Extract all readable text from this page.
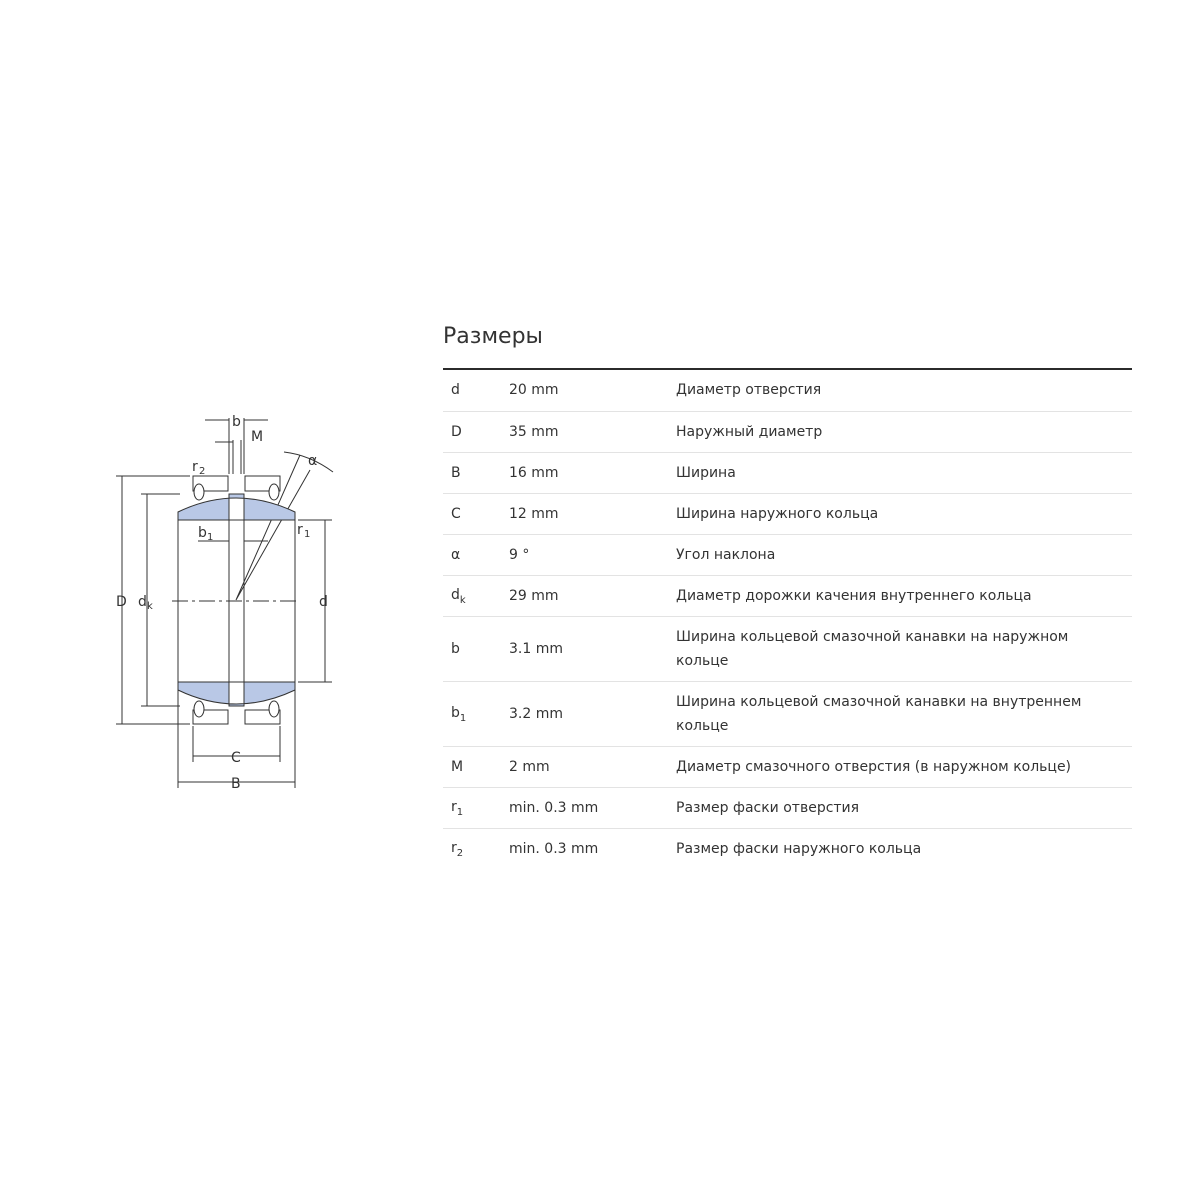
b
M
r 2
α
r 1
b 1
D d k	d
C
B
Размеры
d	20 mm	Диаметр отверстия
D	35 mm	Наружный диаметр
B	16 mm	Ширина
C	12 mm	Ширина наружного кольца
α	9 °	Угол наклона
$d_k$	29 mm	Диаметр дорожки качения внутреннего кольца
b	3.1 mm	Ширина кольцевой смазочной канавки на наружном кольце
$b_1$	3.2 mm	Ширина кольцевой смазочной канавки на внутреннем кольце
M	2 mm	Диаметр смазочного отверстия (в наружном кольце)
$r_1$	min. 0.3 mm	Размер фаски отверстия
$r_2$	min. 0.3 mm	Размер фаски наружного кольца
